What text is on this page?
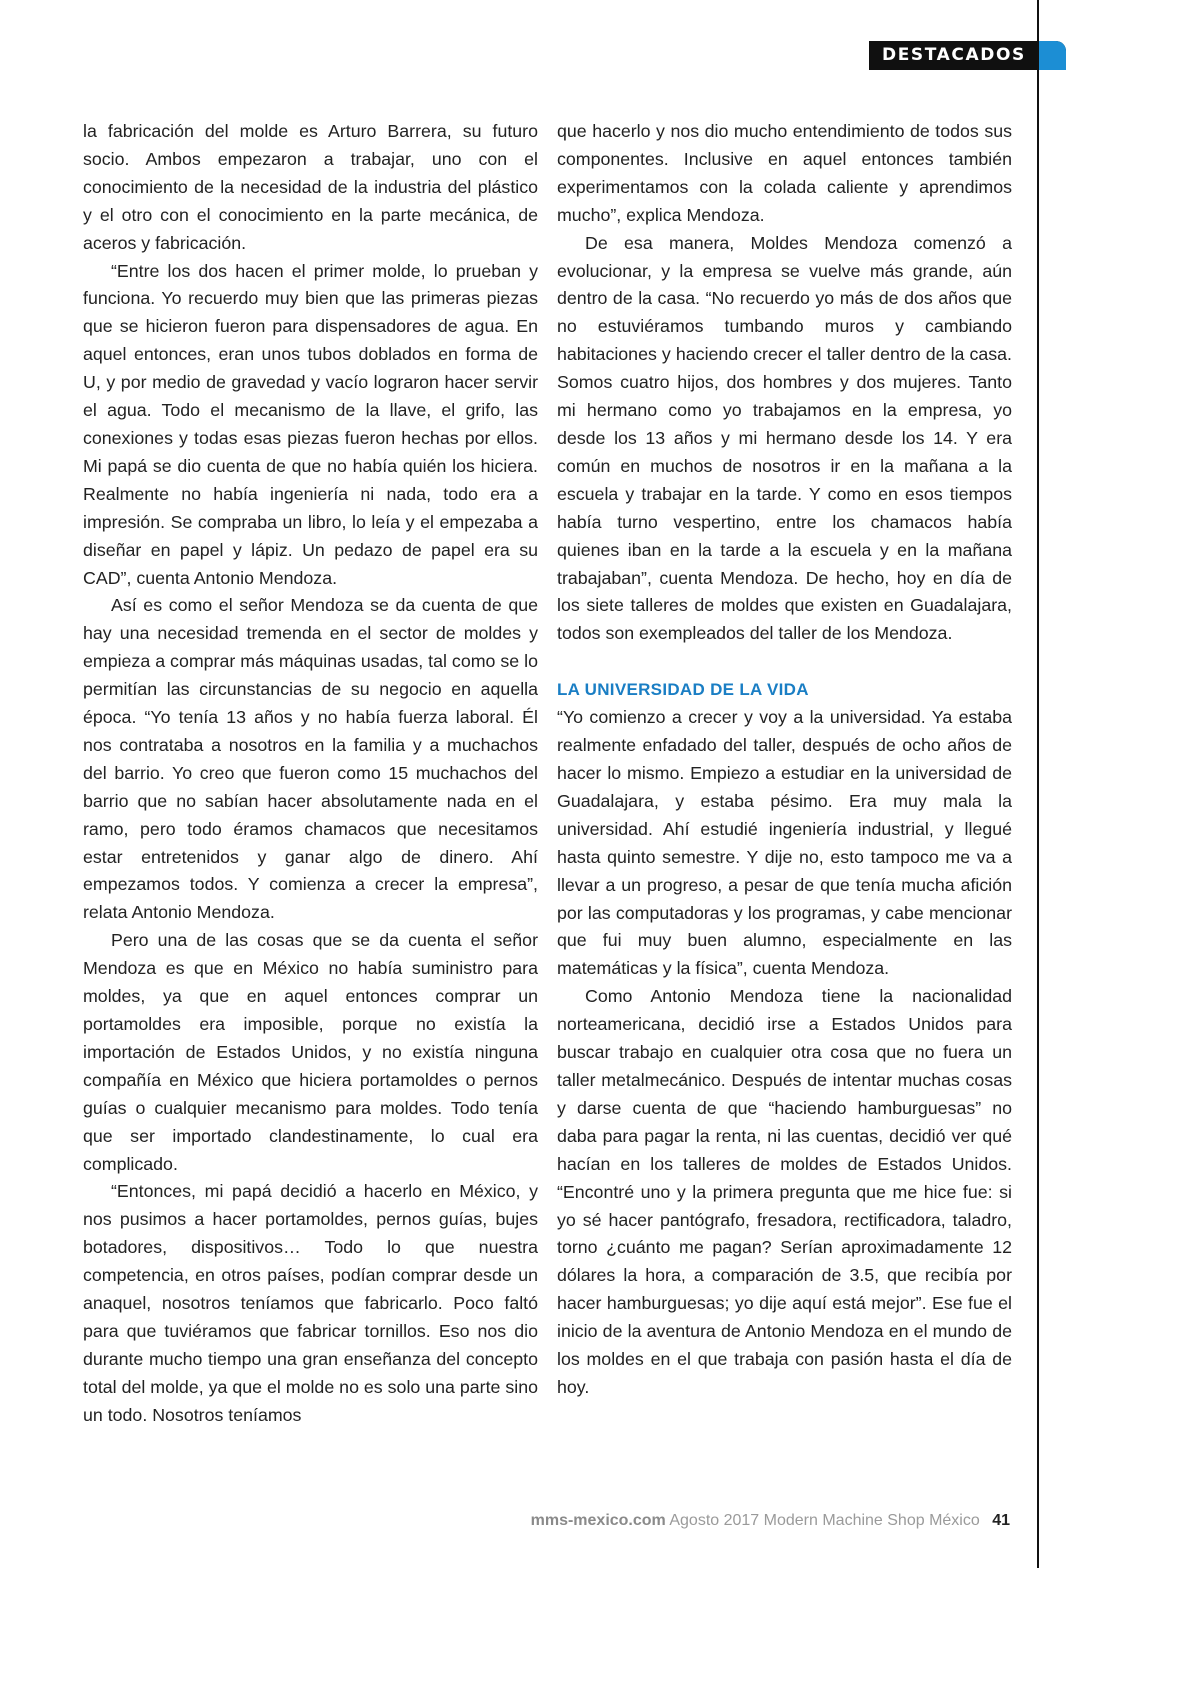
DESTACADOS

la fabricación del molde es Arturo Barrera, su futuro socio. Ambos empezaron a trabajar, uno con el conocimiento de la necesidad de la industria del plástico y el otro con el conocimiento en la parte mecánica, de aceros y fabricación.

“Entre los dos hacen el primer molde, lo prueban y funciona. Yo recuerdo muy bien que las primeras piezas que se hicieron fueron para dispensadores de agua. En aquel entonces, eran unos tubos doblados en forma de U, y por medio de gravedad y vacío lograron hacer servir el agua. Todo el mecanismo de la llave, el grifo, las conexiones y todas esas piezas fueron hechas por ellos. Mi papá se dio cuenta de que no había quién los hiciera. Realmente no había ingeniería ni nada, todo era a impresión. Se compraba un libro, lo leía y el empezaba a diseñar en papel y lápiz. Un pedazo de papel era su CAD”, cuenta Antonio Mendoza.

Así es como el señor Mendoza se da cuenta de que hay una necesidad tremenda en el sector de moldes y empieza a comprar más máquinas usadas, tal como se lo permitían las circunstancias de su negocio en aquella época. “Yo tenía 13 años y no había fuerza laboral. Él nos contrataba a nosotros en la familia y a muchachos del barrio. Yo creo que fueron como 15 muchachos del barrio que no sabían hacer absolutamente nada en el ramo, pero todo éramos chamacos que necesitamos estar entretenidos y ganar algo de dinero. Ahí empezamos todos. Y comienza a crecer la empresa”, relata Antonio Mendoza.

Pero una de las cosas que se da cuenta el señor Mendoza es que en México no había suministro para moldes, ya que en aquel entonces comprar un portamoldes era imposible, porque no existía la importación de Estados Unidos, y no existía ninguna compañía en México que hiciera portamoldes o pernos guías o cualquier mecanismo para moldes. Todo tenía que ser importado clandestinamente, lo cual era complicado.

“Entonces, mi papá decidió a hacerlo en México, y nos pusimos a hacer portamoldes, pernos guías, bujes botadores, dispositivos… Todo lo que nuestra competencia, en otros países, podían comprar desde un anaquel, nosotros teníamos que fabricarlo. Poco faltó para que tuviéramos que fabricar tornillos. Eso nos dio durante mucho tiempo una gran enseñanza del concepto total del molde, ya que el molde no es solo una parte sino un todo. Nosotros teníamos

que hacerlo y nos dio mucho entendimiento de todos sus componentes. Inclusive en aquel entonces también experimentamos con la colada caliente y aprendimos mucho”, explica Mendoza.

De esa manera, Moldes Mendoza comenzó a evolucionar, y la empresa se vuelve más grande, aún dentro de la casa. “No recuerdo yo más de dos años que no estuviéramos tumbando muros y cambiando habitaciones y haciendo crecer el taller dentro de la casa. Somos cuatro hijos, dos hombres y dos mujeres. Tanto mi hermano como yo trabajamos en la empresa, yo desde los 13 años y mi hermano desde los 14. Y era común en muchos de nosotros ir en la mañana a la escuela y trabajar en la tarde. Y como en esos tiempos había turno vespertino, entre los chamacos había quienes iban en la tarde a la escuela y en la mañana trabajaban”, cuenta Mendoza. De hecho, hoy en día de los siete talleres de moldes que existen en Guadalajara, todos son exempleados del taller de los Mendoza.

LA UNIVERSIDAD DE LA VIDA

“Yo comienzo a crecer y voy a la universidad. Ya estaba realmente enfadado del taller, después de ocho años de hacer lo mismo. Empiezo a estudiar en la universidad de Guadalajara, y estaba pésimo. Era muy mala la universidad. Ahí estudié ingeniería industrial, y llegué hasta quinto semestre. Y dije no, esto tampoco me va a llevar a un progreso, a pesar de que tenía mucha afición por las computadoras y los programas, y cabe mencionar que fui muy buen alumno, especialmente en las matemáticas y la física”, cuenta Mendoza.

Como Antonio Mendoza tiene la nacionalidad norteamericana, decidió irse a Estados Unidos para buscar trabajo en cualquier otra cosa que no fuera un taller metalmecánico. Después de intentar muchas cosas y darse cuenta de que “haciendo hamburguesas” no daba para pagar la renta, ni las cuentas, decidió ver qué hacían en los talleres de moldes de Estados Unidos. “Encontré uno y la primera pregunta que me hice fue: si yo sé hacer pantógrafo, fresadora, rectificadora, taladro, torno ¿cuánto me pagan? Serían aproximadamente 12 dólares la hora, a comparación de 3.5, que recibía por hacer hamburguesas; yo dije aquí está mejor”. Ese fue el inicio de la aventura de Antonio Mendoza en el mundo de los moldes en el que trabaja con pasión hasta el día de hoy.

mms-mexico.com Agosto 2017 Modern Machine Shop México 41
